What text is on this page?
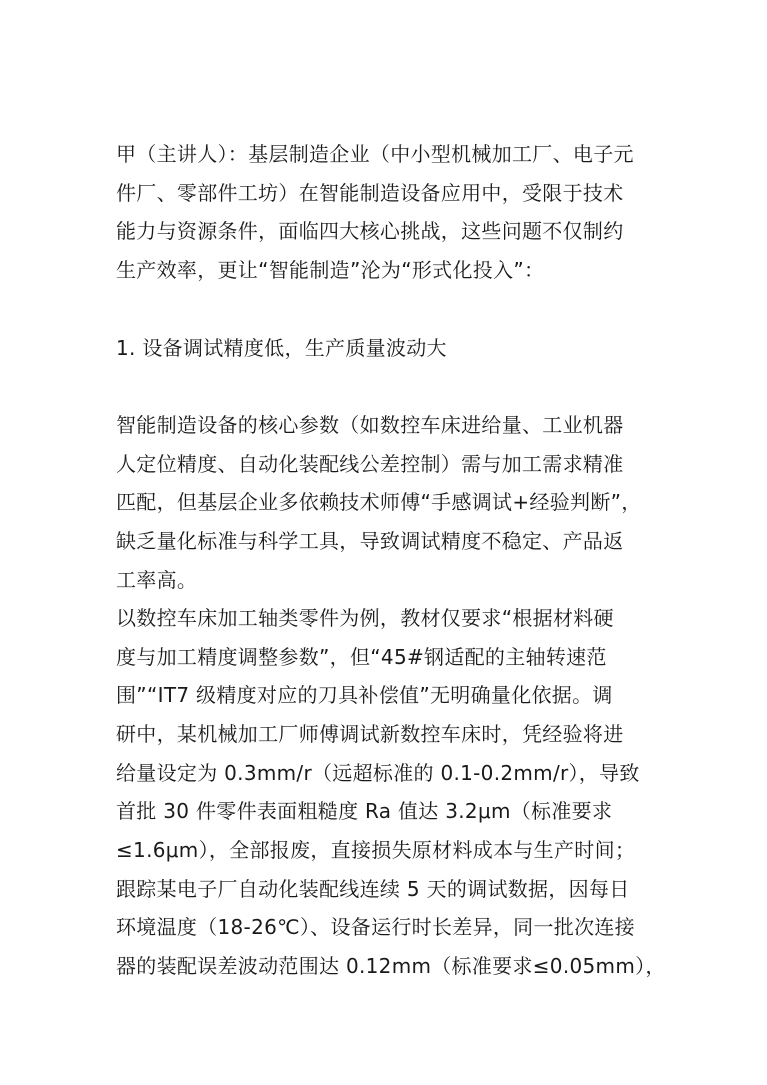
甲（主讲人）：基层制造企业（中小型机械加工厂、电子元
件厂、零部件工坊）在智能制造设备应用中，受限于技术
能力与资源条件，面临四大核心挑战，这些问题不仅制约
生产效率，更让“智能制造”沦为“形式化投入”：
1. 设备调试精度低，生产质量波动大
智能制造设备的核心参数（如数控车床进给量、工业机器
人定位精度、自动化装配线公差控制）需与加工需求精准
匹配，但基层企业多依赖技术师傅“手感调试+经验判断”，
缺乏量化标准与科学工具，导致调试精度不稳定、产品返
工率高。
以数控车床加工轴类零件为例，教材仅要求“根据材料硬
度与加工精度调整参数”，但“45#钢适配的主轴转速范
围”“IT7 级精度对应的刀具补偿值”无明确量化依据。调
研中，某机械加工厂师傅调试新数控车床时，凭经验将进
给量设定为 0.3mm/r（远超标准的 0.1-0.2mm/r），导致
首批 30 件零件表面粗糙度 Ra 值达 3.2μm（标准要求
≤1.6μm），全部报废，直接损失原材料成本与生产时间；
跟踪某电子厂自动化装配线连续 5 天的调试数据，因每日
环境温度（18-26℃）、设备运行时长差异，同一批次连接
器的装配误差波动范围达 0.12mm（标准要求≤0.05mm），
